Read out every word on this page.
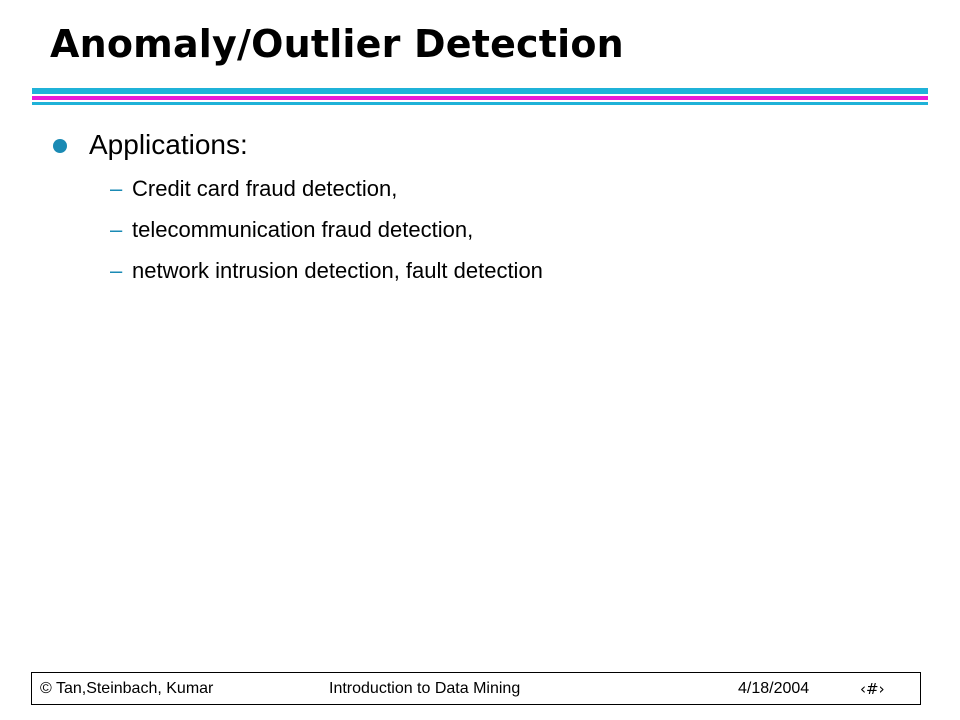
Anomaly/Outlier Detection
Applications:
– Credit card fraud detection,
– telecommunication fraud detection,
– network intrusion detection, fault detection
© Tan,Steinbach, Kumar	Introduction to Data Mining	4/18/2004	‹#›
